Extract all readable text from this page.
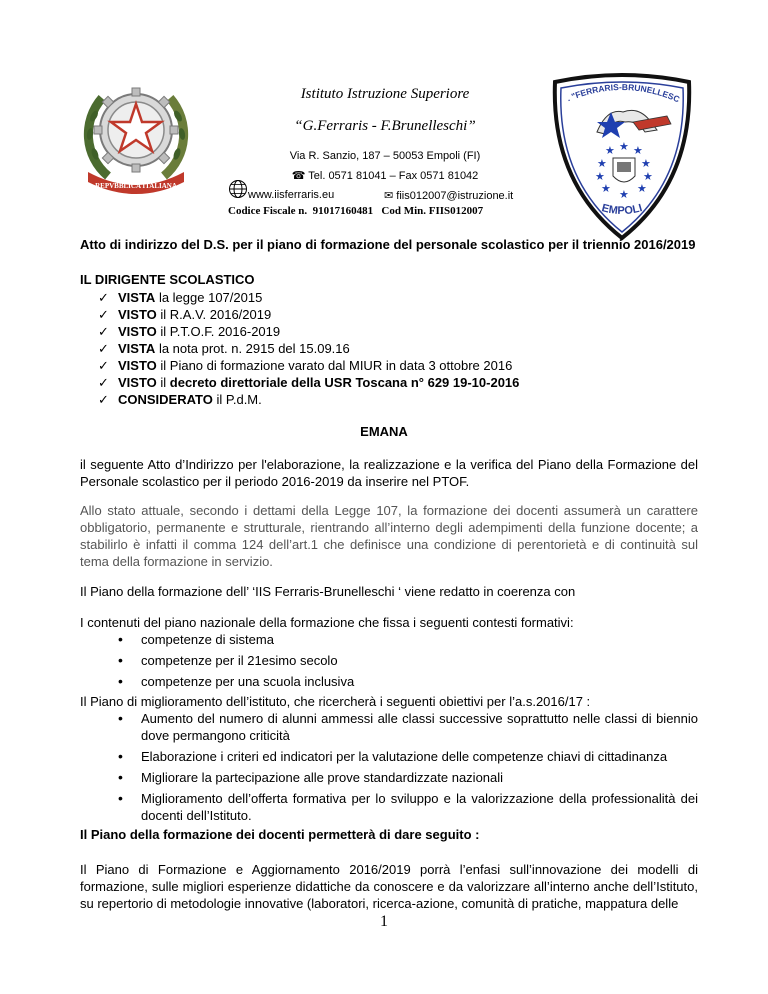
REPVBBLICA ITALIANA
Istituto Istruzione Superiore
“G.Ferraris - F.Brunelleschi”
Via R. Sanzio, 187 – 50053 Empoli (FI)
☎ Tel. 0571 81041 – Fax 0571 81042
www.iisferraris.eu	✉ fiis012007@istruzione.it
Codice Fiscale n.  91017160481   Cod Min. FIIS012007
. "FERRARIS-BRUNELLESC
★ ★ ★
★	★
★	★
★ ★
★
EMPOLI
Atto di indirizzo del D.S. per il piano di formazione del personale scolastico per il triennio 2016/2019
IL DIRIGENTE SCOLASTICO
✓ VISTA la legge 107/2015
✓ VISTO il R.A.V. 2016/2019
✓ VISTO il P.T.O.F. 2016-2019
✓ VISTA la nota prot. n. 2915 del 15.09.16
✓ VISTO il Piano di formazione varato dal MIUR in data 3 ottobre 2016
✓ VISTO il decreto direttoriale della USR Toscana n° 629 19-10-2016
✓ CONSIDERATO il P.d.M.
EMANA
il seguente Atto d’Indirizzo per l'elaborazione, la realizzazione e la verifica del Piano della Formazione del Personale scolastico per il periodo 2016-2019 da inserire nel PTOF.
Allo stato attuale, secondo i dettami della Legge 107, la formazione dei docenti assumerà un carattere obbligatorio, permanente e strutturale, rientrando all’interno degli adempimenti della funzione docente; a stabilirlo è infatti il comma 124 dell’art.1 che definisce una condizione di perentorietà e di continuità sul tema della formazione in servizio.
Il Piano della formazione dell’ ‘IIS Ferraris-Brunelleschi ‘ viene redatto in coerenza con
I contenuti del piano nazionale della formazione che fissa i seguenti contesti formativi:
• competenze di sistema
• competenze per il 21esimo secolo
• competenze per una scuola inclusiva
Il Piano di miglioramento dell’istituto, che ricercherà i seguenti obiettivi per l’a.s.2016/17 :
• Aumento del numero di alunni ammessi alle classi successive soprattutto nelle classi di biennio dove permangono criticità
• Elaborazione i criteri ed indicatori per la valutazione delle competenze chiavi di cittadinanza
• Migliorare la partecipazione alle prove standardizzate nazionali
• Miglioramento dell’offerta formativa per lo sviluppo e la valorizzazione della professionalità dei docenti dell’Istituto.
Il Piano della formazione dei docenti permetterà di dare seguito :
Il Piano di Formazione e Aggiornamento 2016/2019 porrà l’enfasi sull’innovazione dei modelli di formazione, sulle migliori esperienze didattiche da conoscere e da valorizzare all’interno anche dell’Istituto, su repertorio di metodologie innovative (laboratori, ricerca-azione, comunità di pratiche, mappatura delle
1
